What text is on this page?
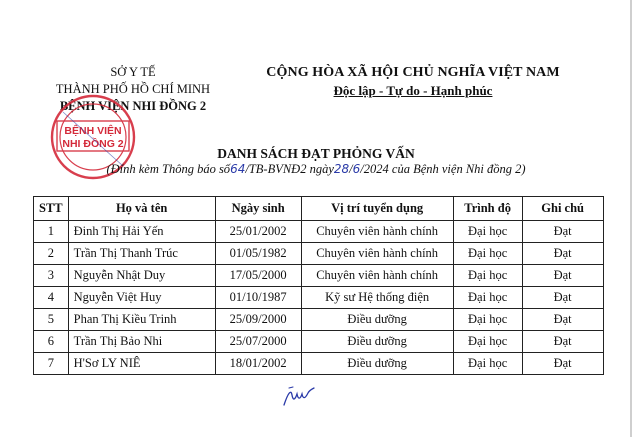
SỞ Y TẾ
THÀNH PHỐ HỒ CHÍ MINH
BỆNH VIỆN NHI ĐỒNG 2
CỘNG HÒA XÃ HỘI CHỦ NGHĨA VIỆT NAM
Độc lập - Tự do - Hạnh phúc
BỆNH VIỆN
NHI ĐỒNG 2
DANH SÁCH ĐẠT PHỎNG VẤN
(Đính kèm Thông báo số64/TB-BVNĐ2 ngày28/6/2024 của Bệnh viện Nhi đồng 2)
STT	Họ và tên	Ngày sinh	Vị trí tuyển dụng	Trình độ	Ghi chú
1	Đinh Thị Hải Yến	25/01/2002	Chuyên viên hành chính	Đại học	Đạt
2	Trần Thị Thanh Trúc	01/05/1982	Chuyên viên hành chính	Đại học	Đạt
3	Nguyễn Nhật Duy	17/05/2000	Chuyên viên hành chính	Đại học	Đạt
4	Nguyễn Việt Huy	01/10/1987	Kỹ sư Hệ thống điện	Đại học	Đạt
5	Phan Thị Kiều Trinh	25/09/2000	Điều dưỡng	Đại học	Đạt
6	Trần Thị Bảo Nhi	25/07/2000	Điều dưỡng	Đại học	Đạt
7	H'Sơ LY NIÊ	18/01/2002	Điều dưỡng	Đại học	Đạt
